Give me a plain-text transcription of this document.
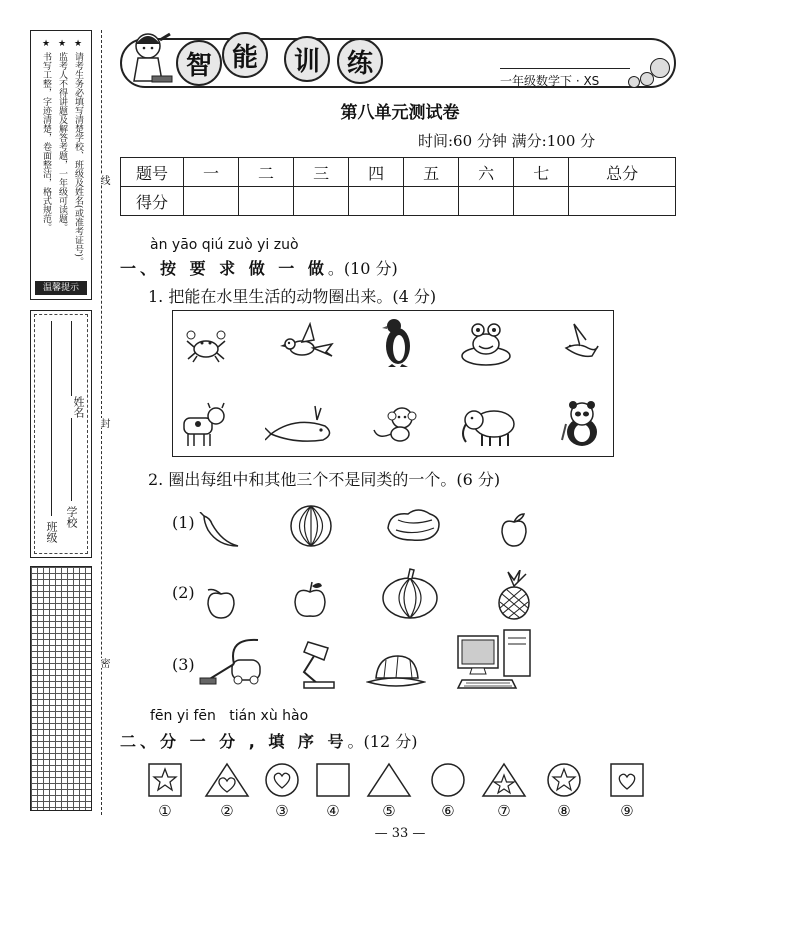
★ 请考生务必填写清楚学校、班级及姓名(或准考证号)。
★ 监考人不得讲题及解答考题，一年级可读题。
★ 书写工整，字迹清楚，卷面整洁，格式规范。
温馨提示
学校
姓名
班级
线
封
密
智 能	训	练
一年级数学下 · XS
第八单元测试卷
时间:60 分钟 满分:100 分
题号	一	二	三	四	五	六	七	总分
得分								
àn yāo qiú zuò yi zuò
一、按 要 求 做 一 做。(10 分)
1. 把能在水里生活的动物圈出来。(4 分)
2. 圈出每组中和其他三个不是同类的一个。(6 分)
(1)
(2)
(3)
fēn yi fēn   tián xù hào
二、分 一 分 , 填 序 号。(12 分)
①	②	③	④	⑤	⑥	⑦	⑧	⑨
— 33 —
